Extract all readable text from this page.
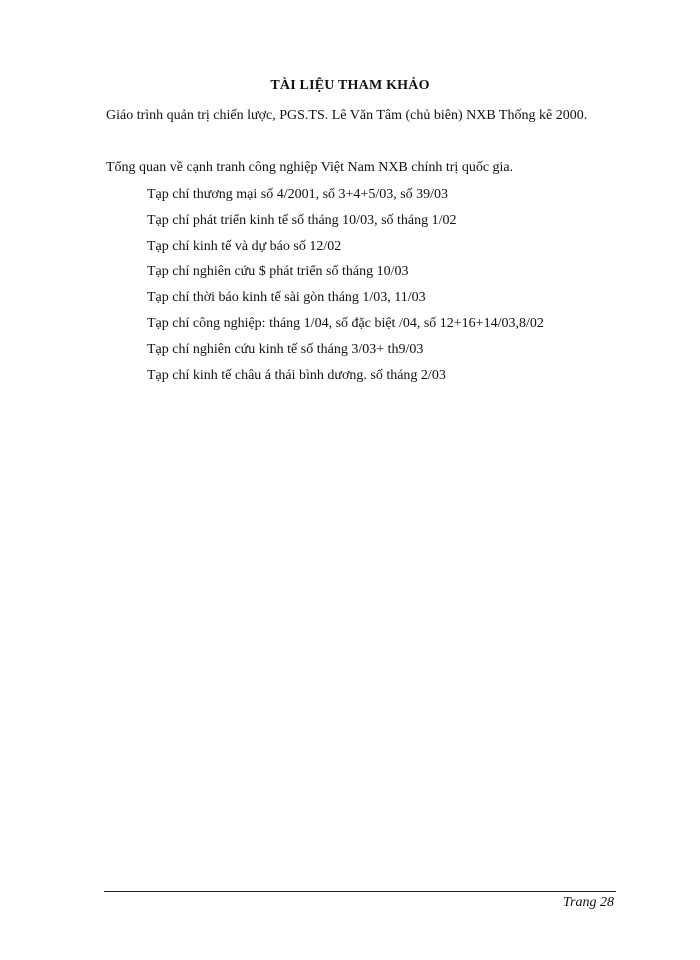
TÀI LIỆU THAM KHẢO
Giáo trình quản trị chiến lược, PGS.TS. Lê Văn Tâm (chủ biên) NXB Thống kê 2000.
Tổng quan về cạnh tranh công nghiệp Việt Nam NXB chính trị quốc gia.
Tạp chí thương mại số 4/2001, số 3+4+5/03, số 39/03
Tạp chí phát triển kinh tế số tháng 10/03, số tháng 1/02
Tạp chí kinh tế và dự báo số 12/02
Tạp chí nghiên cứu $ phát triển số tháng 10/03
Tạp chí thời báo kinh tế sài gòn tháng 1/03, 11/03
Tạp chí công nghiệp: tháng 1/04, số đặc biệt /04, số 12+16+14/03,8/02
Tạp chí nghiên cứu kinh tế số tháng 3/03+ th9/03
Tạp chí kinh tế châu á thái bình dương. số tháng 2/03
Trang 28
